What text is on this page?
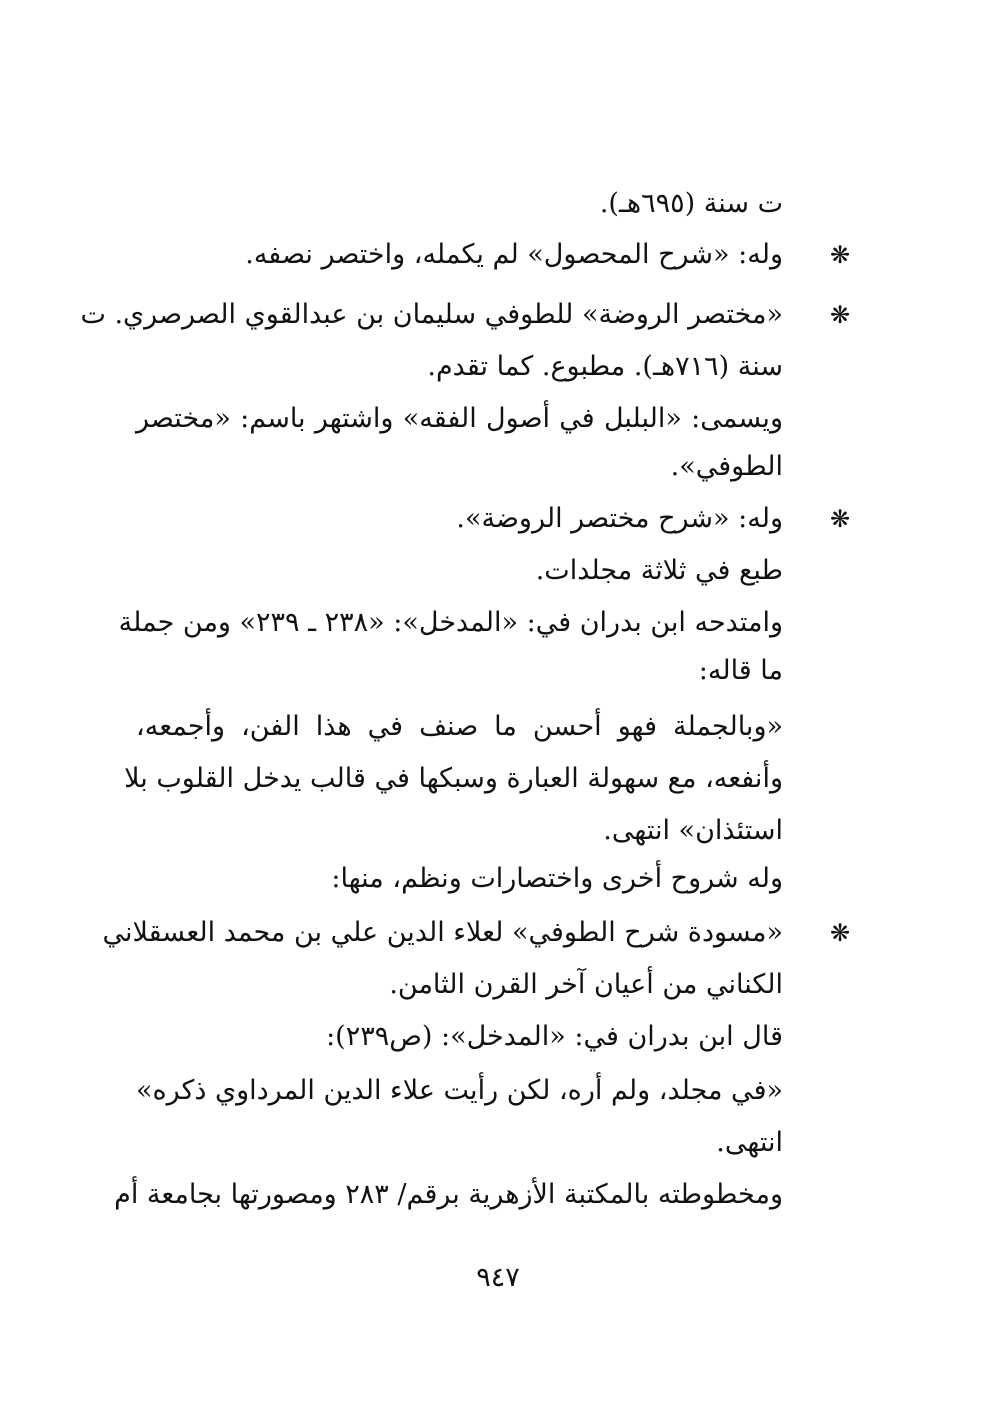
ت سنة (٦٩٥هـ).
❋
وله: «شرح المحصول» لم يكمله، واختصر نصفه.
❋
«مختصر الروضة» للطوفي سليمان بن عبدالقوي الصرصري. ت
سنة (٧١٦هـ). مطبوع. كما تقدم.
ويسمى: «البلبل في أصول الفقه» واشتهر باسم: «مختصر
الطوفي».
❋
وله: «شرح مختصر الروضة».
طبع في ثلاثة مجلدات.
وامتدحه ابن بدران في: «المدخل»: «٢٣٨ ـ ٢٣٩» ومن جملة
ما قاله:
«وبالجملة فهو أحسن ما صنف في هذا الفن، وأجمعه،
وأنفعه، مع سهولة العبارة وسبكها في قالب يدخل القلوب بلا
استئذان» انتهى.
وله شروح أخرى واختصارات ونظم، منها:
❋
«مسودة شرح الطوفي» لعلاء الدين علي بن محمد العسقلاني
الكناني من أعيان آخر القرن الثامن.
قال ابن بدران في: «المدخل»: (ص٢٣٩):
«في مجلد، ولم أره، لكن رأيت علاء الدين المرداوي ذكره»
انتهى.
ومخطوطته بالمكتبة الأزهرية برقم/ ٢٨٣ ومصورتها بجامعة أم
٩٤٧
